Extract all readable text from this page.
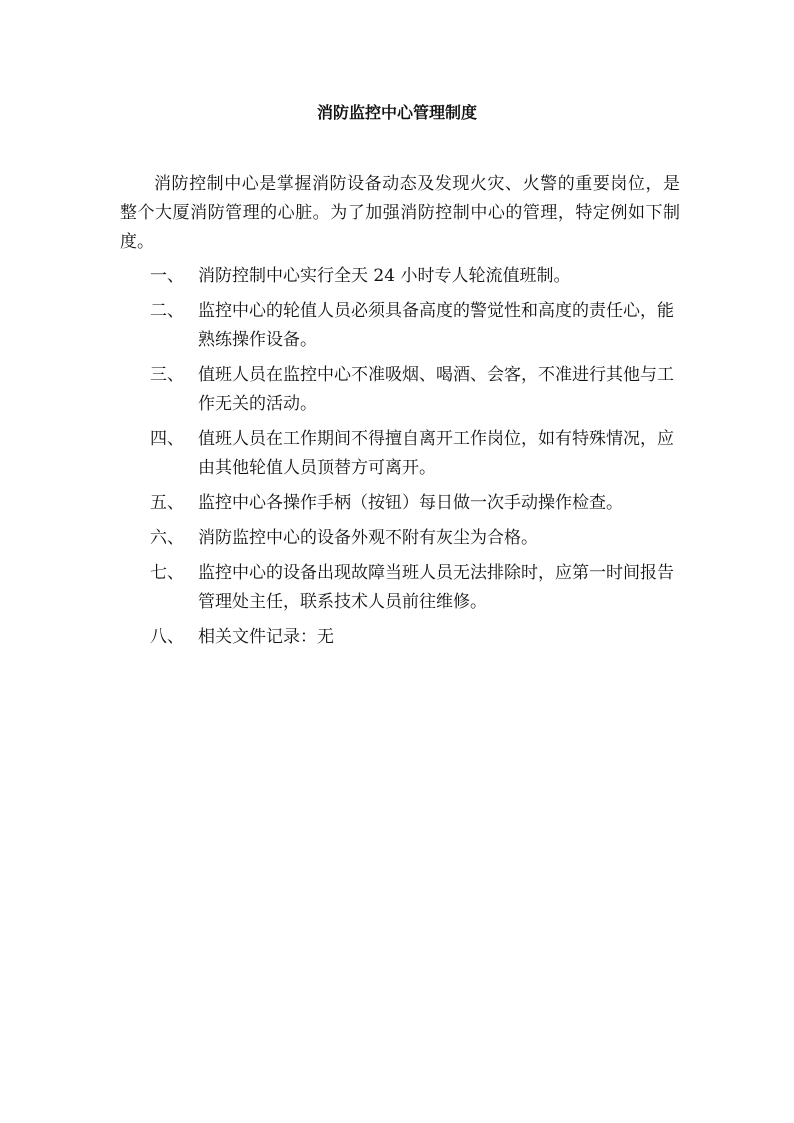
消防监控中心管理制度
消防控制中心是掌握消防设备动态及发现火灾、火警的重要岗位，是整个大厦消防管理的心脏。为了加强消防控制中心的管理，特定例如下制度。
一、 消防控制中心实行全天 24 小时专人轮流值班制。
二、 监控中心的轮值人员必须具备高度的警觉性和高度的责任心，能熟练操作设备。
三、 值班人员在监控中心不准吸烟、喝酒、会客，不准进行其他与工作无关的活动。
四、 值班人员在工作期间不得擅自离开工作岗位，如有特殊情况，应由其他轮值人员顶替方可离开。
五、 监控中心各操作手柄（按钮）每日做一次手动操作检查。
六、 消防监控中心的设备外观不附有灰尘为合格。
七、 监控中心的设备出现故障当班人员无法排除时，应第一时间报告管理处主任，联系技术人员前往维修。
八、 相关文件记录：无
